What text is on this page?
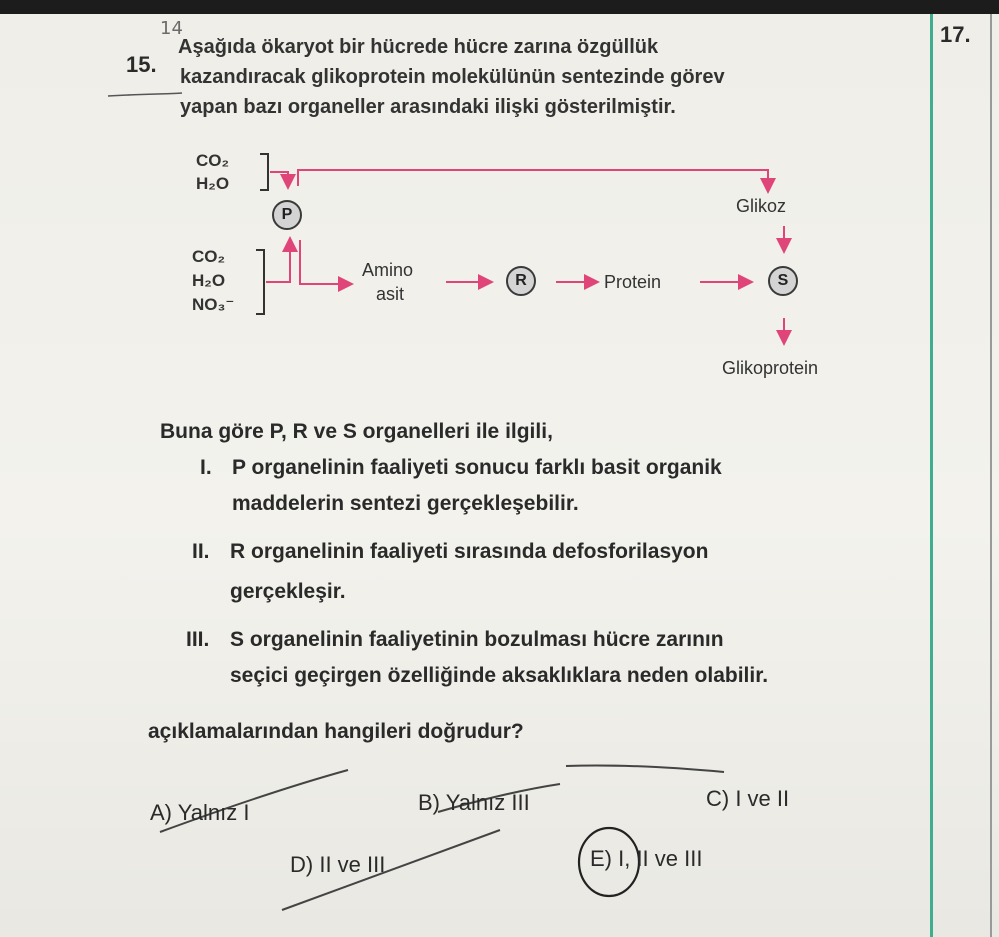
17.
14
15.
Aşağıda ökaryot bir hücrede hücre zarına özgüllük
kazandıracak glikoprotein molekülünün sentezinde görev
yapan bazı organeller arasındaki ilişki gösterilmiştir.
CO₂
H₂O
P
CO₂
H₂O
NO₃⁻
Amino
asit
R	Protein	S
Glikoz
Glikoprotein
Buna göre P, R ve S organelleri ile ilgili,
I. P organelinin faaliyeti sonucu farklı basit organik
maddelerin sentezi gerçekleşebilir.
II. R organelinin faaliyeti sırasında defosforilasyon
gerçekleşir.
III. S organelinin faaliyetinin bozulması hücre zarının
seçici geçirgen özelliğinde aksaklıklara neden olabilir.
açıklamalarından hangileri doğrudur?
A) Yalnız I	B) Yalnız III	C) I ve II
D) II ve III	E) I, II ve III
